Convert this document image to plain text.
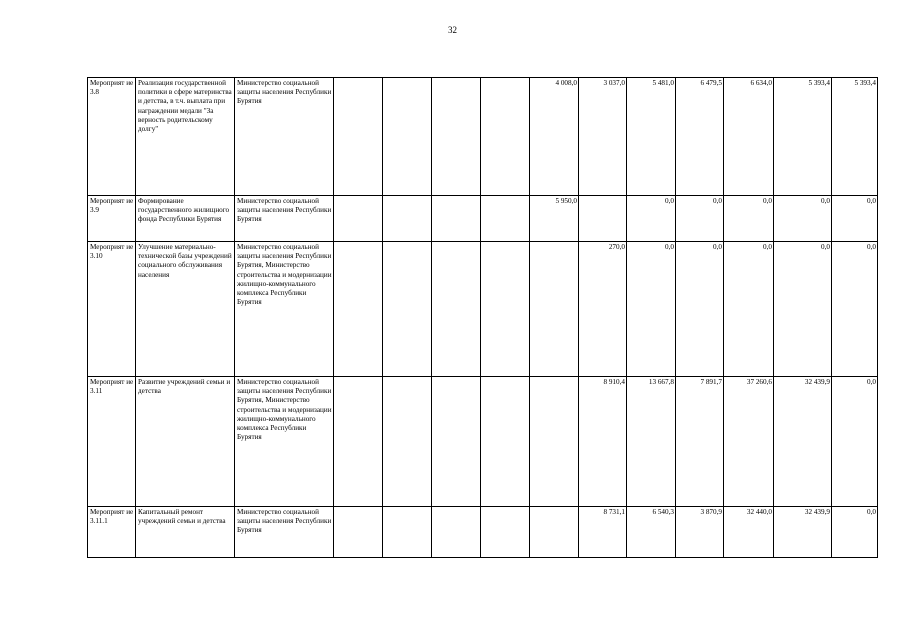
32
Мероприят ие 3.8	Реализация государственной политики в сфере материнства и детства, в т.ч. выплата при награждении медали "За верность родительскому долгу"	Министерство социальной защиты населения Республики Бурятия					4 008,0	3 037,0	5 481,0	6 479,5	6 634,0	5 393,4	5 393,4
Мероприят ие 3.9	Формирование государственного жилищного фонда Республики Бурятия	Министерство социальной защиты населения Республики Бурятия					5 950,0		0,0	0,0	0,0	0,0	0,0
Мероприят ие 3.10	Улучшение материально-технической базы учреждений социального обслуживания населения	Министерство социальной защиты населения Республики Бурятия, Министерство строительства и модернизации жилищно-коммунального комплекса Республики Бурятия						270,0	0,0	0,0	0,0	0,0	0,0
Мероприят ие 3.11	Развитие учреждений семьи и детства	Министерство социальной защиты населения Республики Бурятия, Министерство строительства и модернизации жилищно-коммунального комплекса Республики Бурятия						8 910,4	13 667,8	7 891,7	37 260,6	32 439,9	0,0
Мероприят ие 3.11.1	Капитальный ремонт учреждений семьи и детства	Министерство социальной защиты населения Республики Бурятия						8 731,1	6 540,3	3 870,9	32 440,0	32 439,9	0,0
